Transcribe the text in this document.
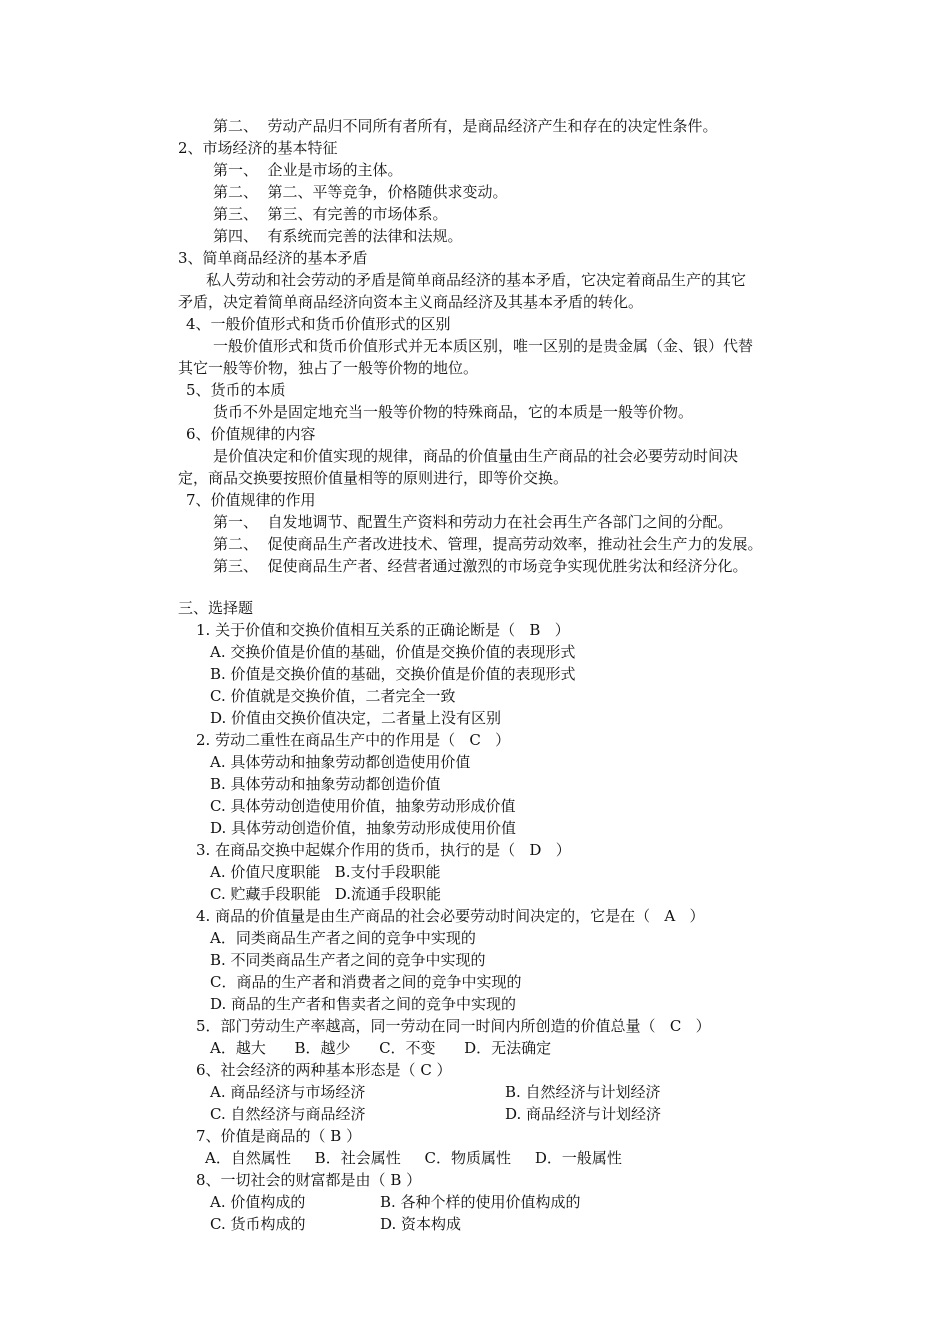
第二、  劳动产品归不同所有者所有，是商品经济产生和存在的决定性条件。
2、市场经济的基本特征
第一、  企业是市场的主体。
第二、  第二、平等竞争，价格随供求变动。
第三、  第三、有完善的市场体系。
第四、  有系统而完善的法律和法规。
3、简单商品经济的基本矛盾
私人劳动和社会劳动的矛盾是简单商品经济的基本矛盾，它决定着商品生产的其它
矛盾，决定着简单商品经济向资本主义商品经济及其基本矛盾的转化。
4、一般价值形式和货币价值形式的区别
一般价值形式和货币价值形式并无本质区别，唯一区别的是贵金属（金、银）代替
其它一般等价物，独占了一般等价物的地位。
5、货币的本质
货币不外是固定地充当一般等价物的特殊商品，它的本质是一般等价物。
6、价值规律的内容
是价值决定和价值实现的规律，商品的价值量由生产商品的社会必要劳动时间决
定，商品交换要按照价值量相等的原则进行，即等价交换。
7、价值规律的作用
第一、  自发地调节、配置生产资料和劳动力在社会再生产各部门之间的分配。
第二、  促使商品生产者改进技术、管理，提高劳动效率，推动社会生产力的发展。
第三、  促使商品生产者、经营者通过激烈的市场竞争实现优胜劣汰和经济分化。
三、选择题
1. 关于价值和交换价值相互关系的正确论断是（   B   ）
A. 交换价值是价值的基础，价值是交换价值的表现形式
B. 价值是交换价值的基础，交换价值是价值的表现形式
C. 价值就是交换价值，二者完全一致
D. 价值由交换价值决定，二者量上没有区别
2. 劳动二重性在商品生产中的作用是（   C   ）
A. 具体劳动和抽象劳动都创造使用价值
B. 具体劳动和抽象劳动都创造价值
C. 具体劳动创造使用价值，抽象劳动形成价值
D. 具体劳动创造价值，抽象劳动形成使用价值
3. 在商品交换中起媒介作用的货币，执行的是（   D   ）
A. 价值尺度职能   B.支付手段职能
C. 贮藏手段职能   D.流通手段职能
4. 商品的价值量是由生产商品的社会必要劳动时间决定的，它是在（   A   ）
A．同类商品生产者之间的竞争中实现的
B. 不同类商品生产者之间的竞争中实现的
C．商品的生产者和消费者之间的竞争中实现的
D. 商品的生产者和售卖者之间的竞争中实现的
5．部门劳动生产率越高，同一劳动在同一时间内所创造的价值总量（   C   ）
A．越大      B．越少      C．不变      D．无法确定
6、社会经济的两种基本形态是（ C ）
A. 商品经济与市场经济	B. 自然经济与计划经济
C. 自然经济与商品经济	D. 商品经济与计划经济
7、价值是商品的（ B ）
A．自然属性     B．社会属性     C．物质属性     D．一般属性
8、一切社会的财富都是由（ B ）
A. 价值构成的	B. 各种个样的使用价值构成的
C. 货币构成的	D. 资本构成
